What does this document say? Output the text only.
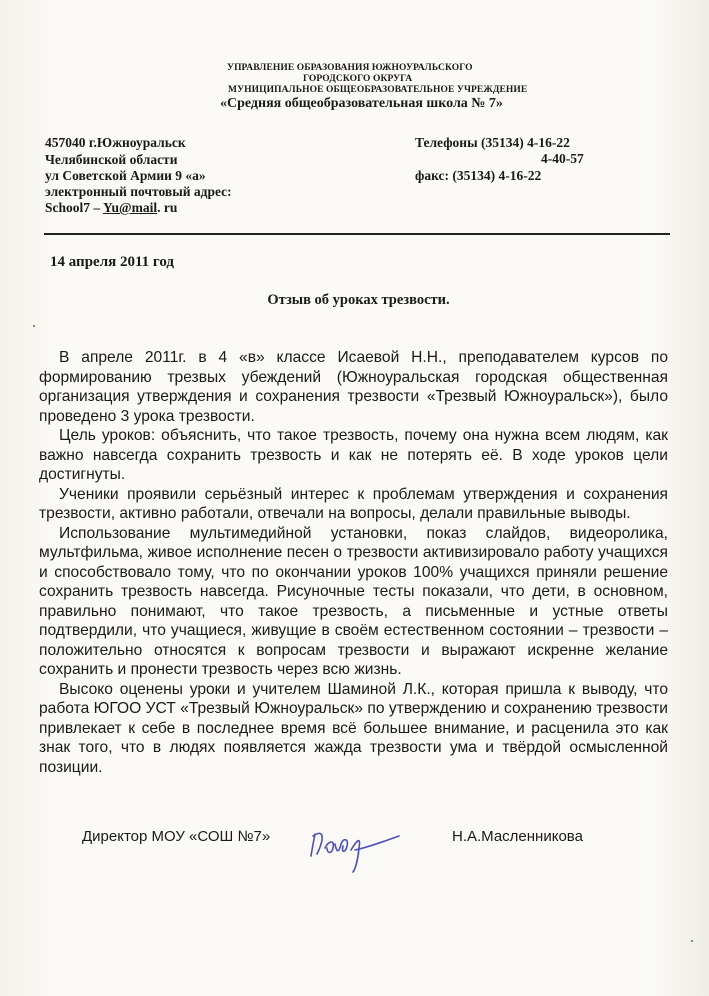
УПРАВЛЕНИЕ ОБРАЗОВАНИЯ ЮЖНОУРАЛЬСКОГО
ГОРОДСКОГО ОКРУГА
МУНИЦИПАЛЬНОЕ ОБЩЕОБРАЗОВАТЕЛЬНОЕ УЧРЕЖДЕНИЕ
«Средняя общеобразовательная школа № 7»
457040 г.Южноуральск
Челябинской области
ул Советской Армии 9 «а»
электронный почтовый адрес:
School7 – Yu@mail. ru
Телефоны (35134) 4-16-22
4-40-57
факс: (35134) 4-16-22
14 апреля 2011 год
Отзыв об уроках трезвости.

В апреле 2011г. в 4 «в» классе Исаевой Н.Н., преподавателем курсов по формированию трезвых убеждений (Южноуральская городская общественная организация утверждения и сохранения трезвости «Трезвый Южноуральск»), было проведено 3 урока трезвости.

Цель уроков: объяснить, что такое трезвость, почему она нужна всем людям, как важно навсегда сохранить трезвость и как не потерять её. В ходе уроков цели достигнуты.

Ученики проявили серьёзный интерес к проблемам утверждения и сохранения трезвости, активно работали, отвечали на вопросы, делали правильные выводы.

Использование мультимедийной установки, показ слайдов, видеоролика, мультфильма, живое исполнение песен о трезвости активизировало работу учащихся и способствовало тому, что по окончании уроков 100% учащихся приняли решение сохранить трезвость навсегда. Рисуночные тесты показали, что дети, в основном, правильно понимают, что такое трезвость, а письменные и устные ответы подтвердили, что учащиеся, живущие в своём естественном состоянии – трезвости – положительно относятся к вопросам трезвости и выражают искренне желание сохранить и пронести трезвость через всю жизнь.

Высоко оценены уроки и учителем Шаминой Л.К., которая пришла к выводу, что работа ЮГОО УСТ «Трезвый Южноуральск» по утверждению и сохранению трезвости привлекает к себе в последнее время всё большее внимание, и расценила это как знак того, что в людях появляется жажда трезвости ума и твёрдой осмысленной позиции.

Директор МОУ «СОШ №7»	Н.А.Масленникова
